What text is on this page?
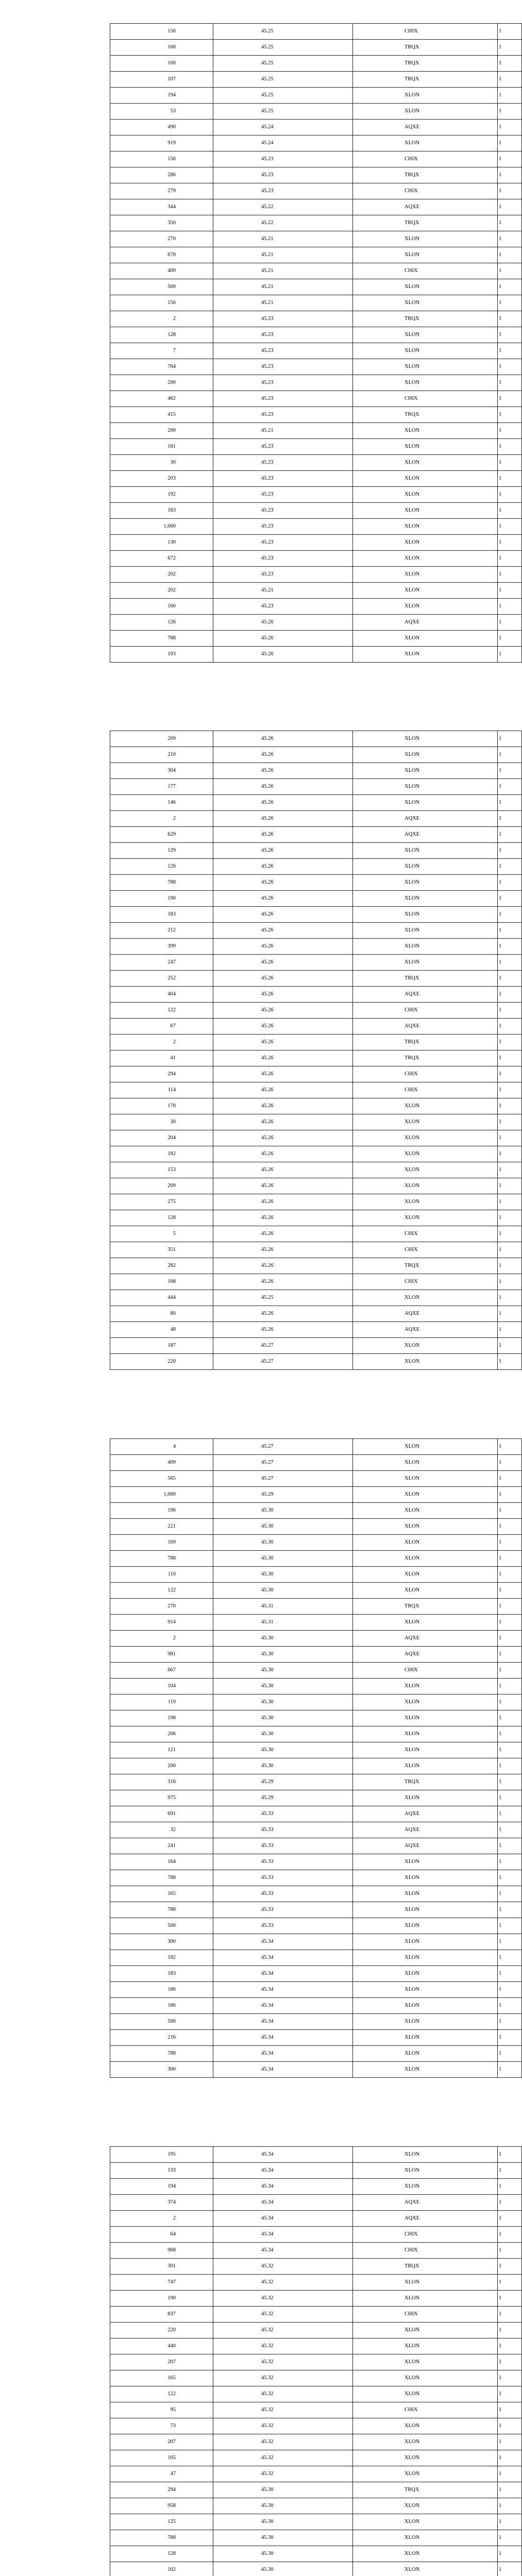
150	45.25	CHIX	1
100	45.25	TRQX	1
100	45.25	TRQX	1
107	45.25	TRQX	1
194	45.25	XLON	1
53	45.25	XLON	1
490	45.24	AQXE	1
919	45.24	XLON	1
150	45.23	CHIX	1
286	45.23	TRQX	1
279	45.23	CHIX	1
344	45.22	AQXE	1
350	45.22	TRQX	1
270	45.21	XLON	1
678	45.21	XLON	1
409	45.21	CHIX	1
500	45.21	XLON	1
156	45.21	XLON	1
2	45.23	TRQX	1
128	45.23	XLON	1
7	45.23	XLON	1
784	45.23	XLON	1
200	45.23	XLON	1
462	45.23	CHIX	1
415	45.23	TRQX	1
200	45.21	XLON	1
181	45.23	XLON	1
30	45.23	XLON	1
203	45.23	XLON	1
192	45.23	XLON	1
183	45.23	XLON	1
1,000	45.23	XLON	1
130	45.23	XLON	1
672	45.23	XLON	1
202	45.23	XLON	1
202	45.21	XLON	1
160	45.23	XLON	1
126	45.26	AQXE	1
788	45.26	XLON	1
193	45.26	XLON	1
209	45.26	XLON	1
210	45.26	XLON	1
304	45.26	XLON	1
177	45.26	XLON	1
146	45.26	XLON	1
2	45.26	AQXE	1
629	45.26	AQXE	1
129	45.26	XLON	1
126	45.26	XLON	1
788	45.26	XLON	1
190	45.26	XLON	1
183	45.26	XLON	1
212	45.26	XLON	1
399	45.26	XLON	1
247	45.26	XLON	1
252	45.26	TRQX	1
404	45.26	AQXE	1
122	45.26	CHIX	1
67	45.26	AQXE	1
2	45.26	TRQX	1
41	45.26	TRQX	1
294	45.26	CHIX	1
114	45.26	CHIX	1
170	45.26	XLON	1
30	45.26	XLON	1
204	45.26	XLON	1
182	45.26	XLON	1
153	45.26	XLON	1
209	45.26	XLON	1
275	45.26	XLON	1
128	45.26	XLON	1
5	45.26	CHIX	1
351	45.26	CHIX	1
282	45.26	TRQX	1
108	45.26	CHIX	1
444	45.25	XLON	1
80	45.26	AQXE	1
48	45.26	AQXE	1
187	45.27	XLON	1
220	45.27	XLON	1
4	45.27	XLON	1
409	45.27	XLON	1
565	45.27	XLON	1
1,000	45.29	XLON	1
196	45.30	XLON	1
221	45.30	XLON	1
169	45.30	XLON	1
788	45.30	XLON	1
110	45.30	XLON	1
122	45.30	XLON	1
270	45.31	TRQX	1
914	45.31	XLON	1
2	45.30	AQXE	1
981	45.30	AQXE	1
667	45.30	CHIX	1
104	45.30	XLON	1
119	45.30	XLON	1
198	45.30	XLON	1
206	45.30	XLON	1
121	45.30	XLON	1
200	45.30	XLON	1
316	45.29	TRQX	1
975	45.29	XLON	1
691	45.33	AQXE	1
32	45.33	AQXE	1
241	45.33	AQXE	1
164	45.33	XLON	1
788	45.33	XLON	1
165	45.33	XLON	1
788	45.33	XLON	1
500	45.33	XLON	1
300	45.34	XLON	1
182	45.34	XLON	1
183	45.34	XLON	1
186	45.34	XLON	1
186	45.34	XLON	1
500	45.34	XLON	1
216	45.34	XLON	1
788	45.34	XLON	1
300	45.34	XLON	1
195	45.34	XLON	1
133	45.34	XLON	1
194	45.34	XLON	1
374	45.34	AQXE	1
2	45.34	AQXE	1
64	45.34	CHIX	1
908	45.34	CHIX	1
301	45.32	TRQX	1
747	45.32	XLON	1
190	45.32	XLON	1
837	45.32	CHIX	1
220	45.32	XLON	1
440	45.32	XLON	1
207	45.32	XLON	1
165	45.32	XLON	1
122	45.32	XLON	1
95	45.32	CHIX	1
73	45.32	XLON	1
207	45.32	XLON	1
105	45.32	XLON	1
47	45.32	XLON	1
294	45.30	TRQX	1
958	45.30	XLON	1
125	45.30	XLON	1
788	45.30	XLON	1
128	45.30	XLON	1
102	45.30	XLON	1
